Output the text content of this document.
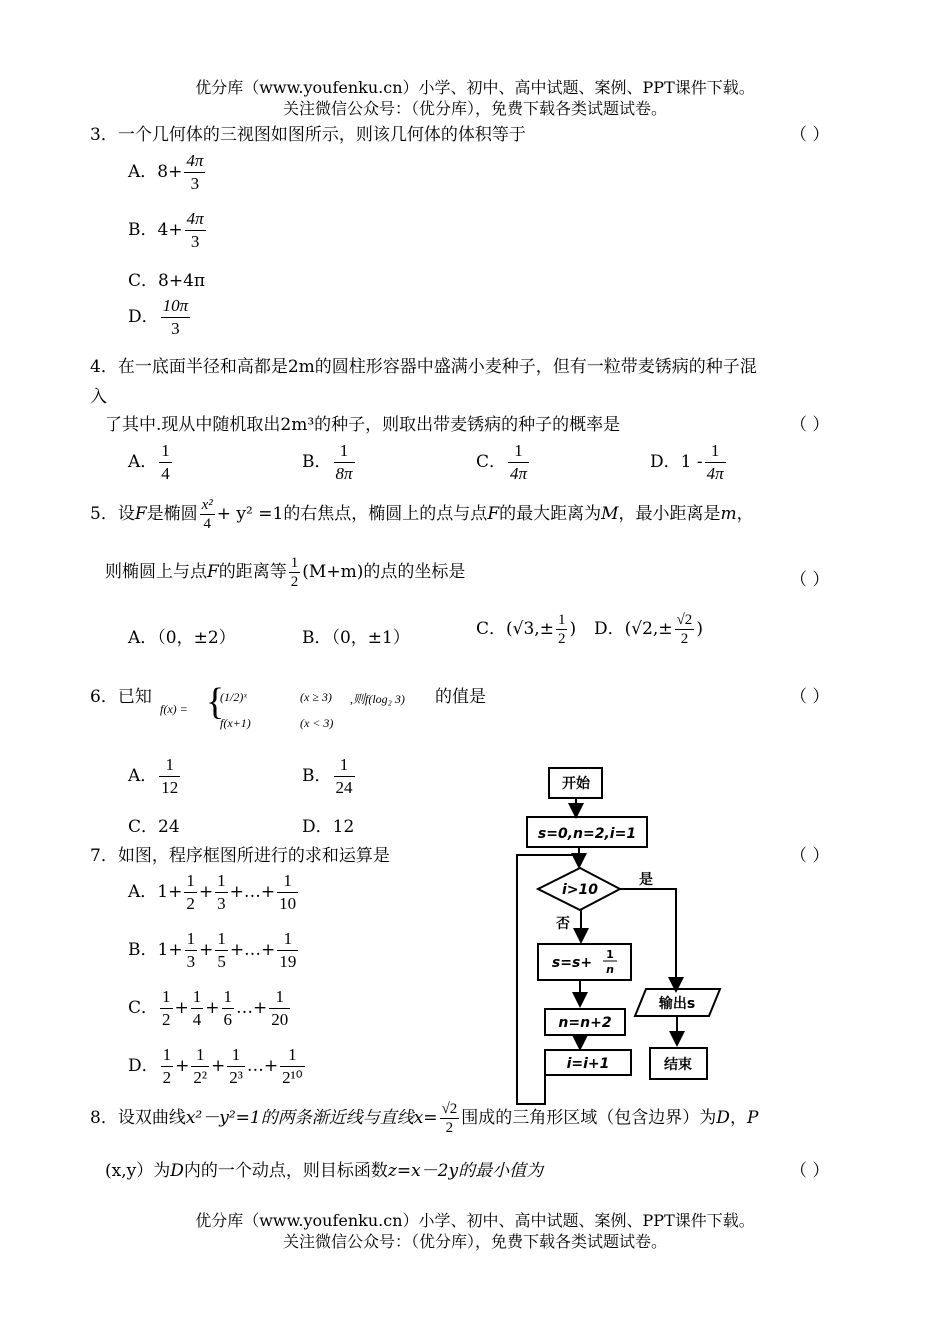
优分库（www.youfenku.cn）小学、初中、高中试题、案例、PPT课件下载。
关注微信公众号：（优分库），免费下载各类试题试卷。
3．一个几何体的三视图如图所示，则该几何体的体积等于	（ ）
A．$8+ \frac{4\pi}{3}$
B．$4+ \frac{4\pi}{3}$
C．8+4π
D． $\frac{10\pi}{3}$
4．在一底面半径和高都是2m的圆柱形容器中盛满小麦种子，但有一粒带麦锈病的种子混
入
了其中.现从中随机取出2m³的种子，则取出带麦锈病的种子的概率是	（ ）
A． $\frac{1}{4}$	B． $\frac{1}{8\pi}$	C． $\frac{1}{4\pi}$	D．$1 - \frac{1}{4\pi}$
5．设F是椭圆 $\frac{\text{x²}}{4} + y^2 =1$的右焦点，椭圆上的点与点F的最大距离为M，最小距离是m，
则椭圆上与点F的距离等 $\frac{1}{2} (M+m)$的点的坐标是	（ ）
A．（0，±2）	B．（0，±1）	C．($√3,\pm \frac{1}{2}$ ) D．($√2,\pm \frac{√2}{2}$ )
6．已知
f(x) = {
(1/2)ˣ	(x ≥ 3)
f(x+1)	(x < 3)
,则f(log₂ 3) 的值是	（ ）
A． $\frac{1}{12}$	B． $\frac{1}{24}$
C．24	D．12
7．如图，程序框图所进行的求和运算是	（ ）
A．$1+ \frac{1}{2} + \frac{1}{3}$ +…+ $\frac{1}{10}$
B．$1+ \frac{1}{3} + \frac{1}{5}$ +…+ $\frac{1}{19}$
C． $\frac{1}{2} + \frac{1}{4} + \frac{1}{6}$ …+ $\frac{1}{20}$
D． $\frac{1}{2} + \frac{1}{\text{2²}} + \frac{1}{\text{2³}}$ …+ $\frac{1}{\text{2¹⁰}}$
开始
s=0,n=2,i=1
i>10
是
否
s=s+
1
n
n=n+2
i=i+1
输出s
结束
8．设双曲线x²－y²=1的两条渐近线与直线$x= \frac{√2}{2}$ 围成的三角形区域（包含边界）为D，P
(x,y）为D内的一个动点，则目标函数z=x－2y的最小值为	（ ）
优分库（www.youfenku.cn）小学、初中、高中试题、案例、PPT课件下载。
关注微信公众号：（优分库），免费下载各类试题试卷。
